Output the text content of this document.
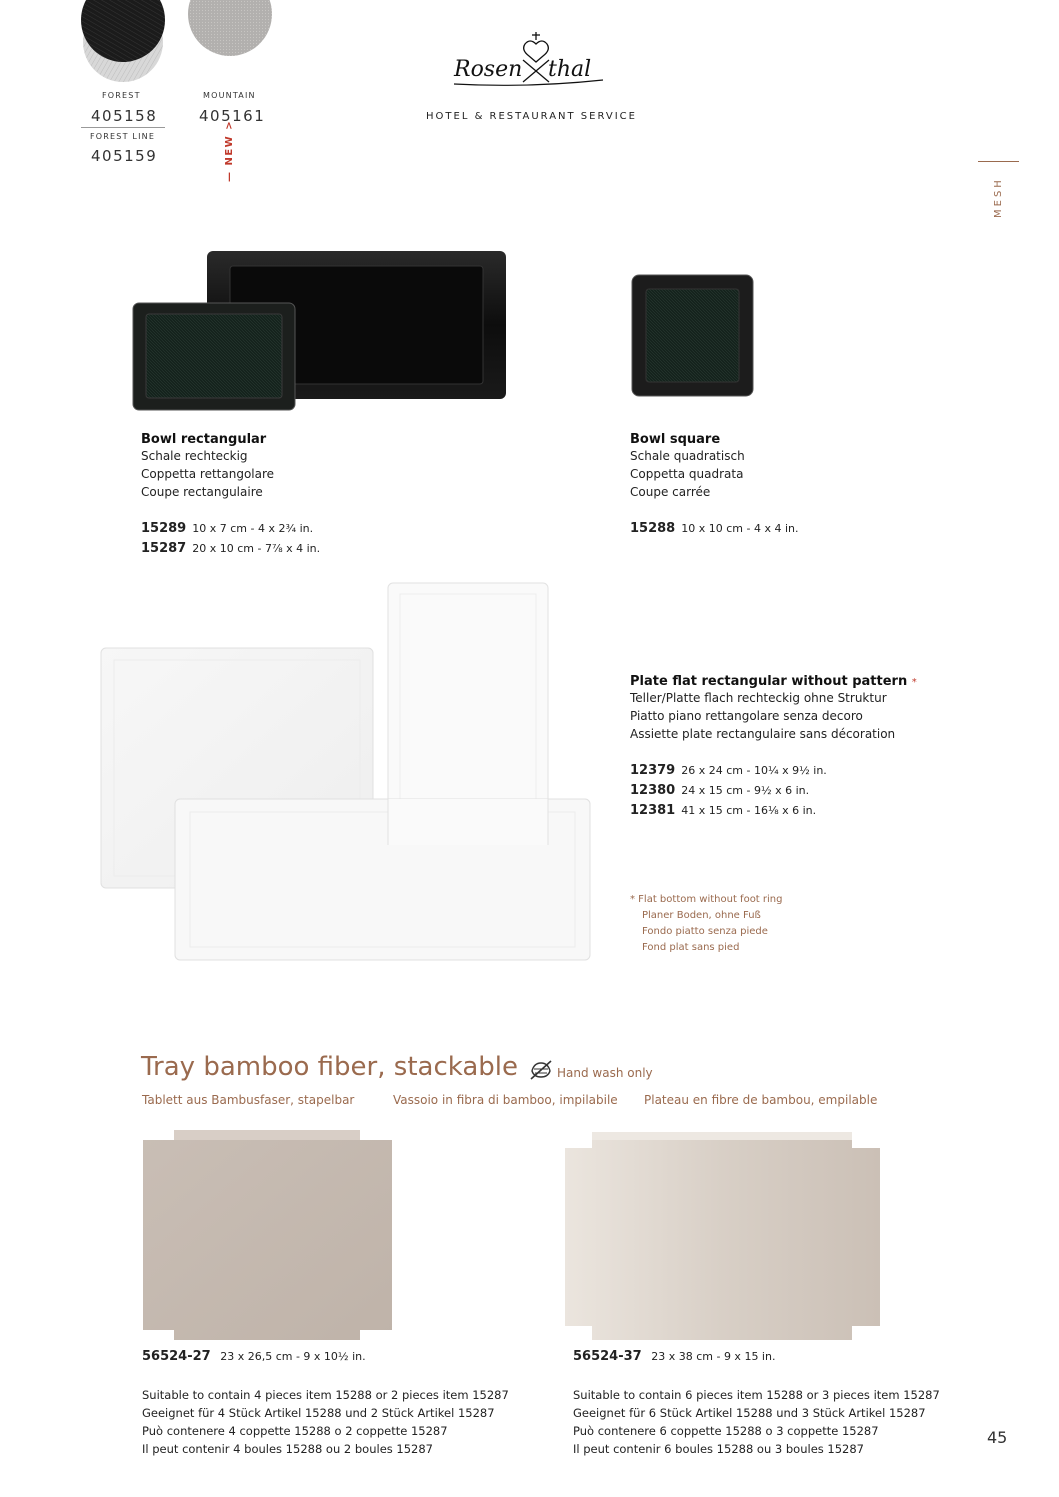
FOREST
405158
FOREST LINE
405159
MOUNTAIN
405161
— NEW >
Rosen thal
HOTEL & RESTAURANT SERVICE
MESH
Bowl rectangular
Schale rechteckig
Coppetta rettangolare
Coupe rectangulaire
15289 10 x 7 cm - 4 x 2¾ in.
15287 20 x 10 cm - 7⅞ x 4 in.
Bowl square
Schale quadratisch
Coppetta quadrata
Coupe carrée
15288 10 x 10 cm - 4 x 4 in.
Plate flat rectangular without pattern *
Teller/Platte flach rechteckig ohne Struktur
Piatto piano rettangolare senza decoro
Assiette plate rectangulaire sans décoration
12379 26 x 24 cm - 10¼ x 9½ in.
12380 24 x 15 cm - 9½ x 6 in.
12381 41 x 15 cm - 16⅛ x 6 in.
* Flat bottom without foot ring
Planer Boden, ohne Fuß
Fondo piatto senza piede
Fond plat sans pied
Tray bamboo fiber, stackable	Hand wash only
Tablett aus Bambusfaser, stapelbar	Vassoio in fibra di bamboo, impilabile Plateau en fibre de bambou, empilable
56524-27 23 x 26,5 cm - 9 x 10½ in.	56524-37 23 x 38 cm - 9 x 15 in.
Suitable to contain 4 pieces item 15288 or 2 pieces item 15287
Geeignet für 4 Stück Artikel 15288 und 2 Stück Artikel 15287
Può contenere 4 coppette 15288 o 2 coppette 15287
Il peut contenir 4 boules 15288 ou 2 boules 15287
Suitable to contain 6 pieces item 15288 or 3 pieces item 15287
Geeignet für 6 Stück Artikel 15288 und 3 Stück Artikel 15287
Può contenere 6 coppette 15288 o 3 coppette 15287
Il peut contenir 6 boules 15288 ou 3 boules 15287
45
